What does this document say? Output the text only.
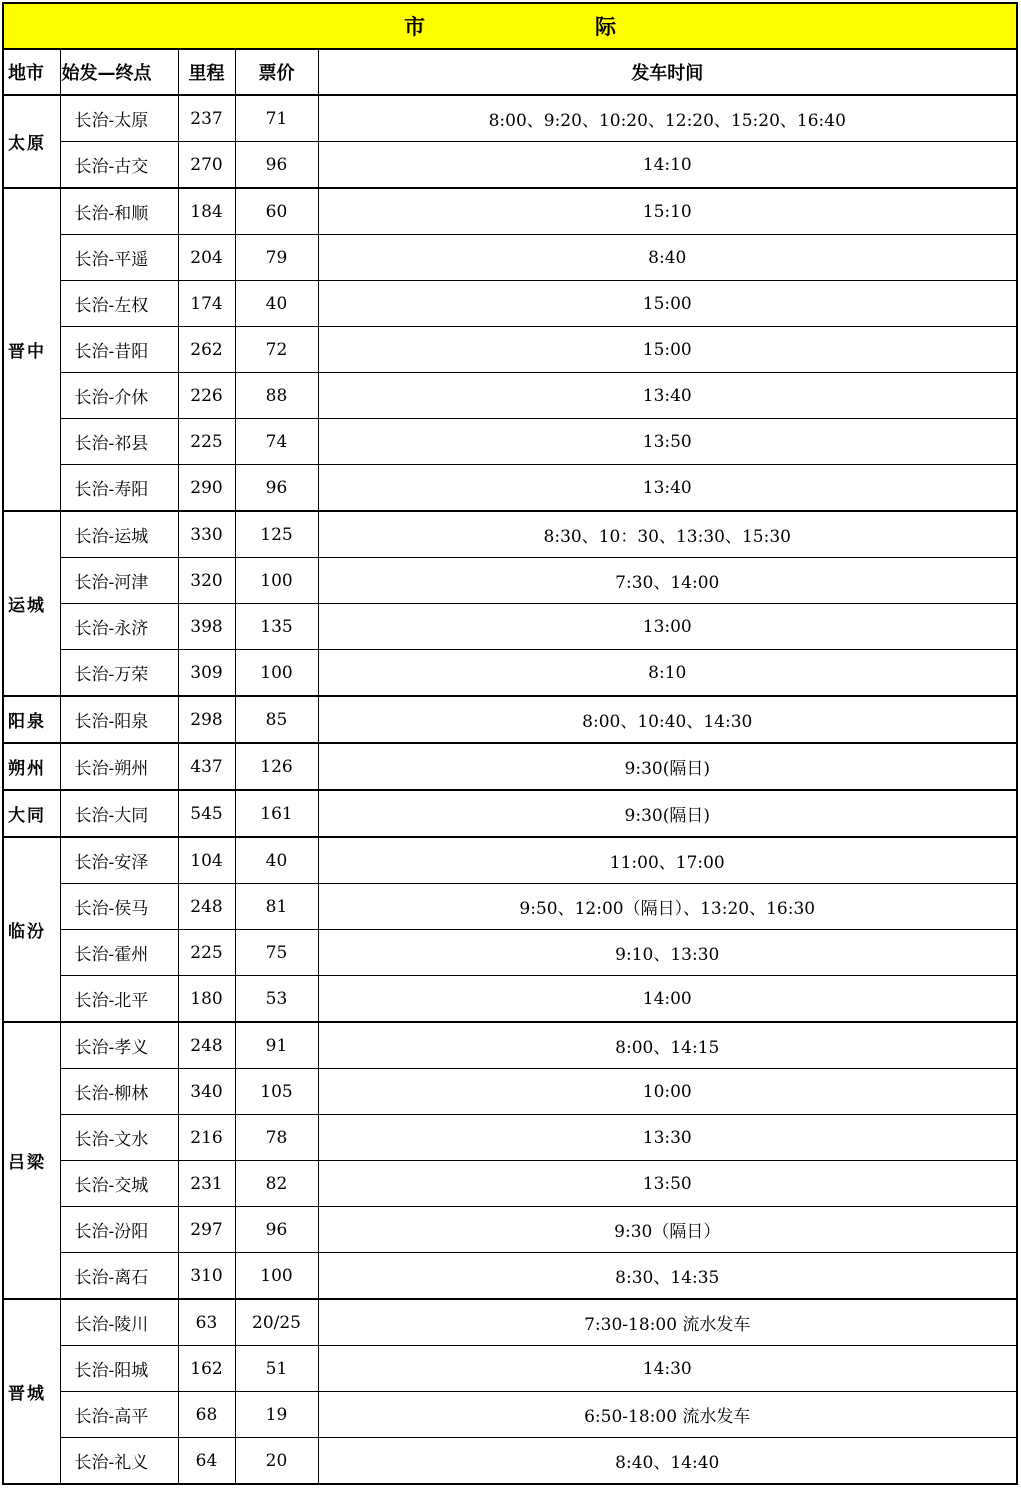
市 际				

地市	始发—终点	里程	票价	发车时间
太原	长治-太原	237	71	8:00、9:20、10:20、12:20、15:20、16:40
	长治-古交	270	96	14:10
晋中	长治-和顺	184	60	15:10
	长治-平遥	204	79	8:40
	长治-左权	174	40	15:00
	长治-昔阳	262	72	15:00
	长治-介休	226	88	13:40
	长治-祁县	225	74	13:50
	长治-寿阳	290	96	13:40
运城	长治-运城	330	125	8:30、10：30、13:30、15:30
	长治-河津	320	100	7:30、14:00
	长治-永济	398	135	13:00
	长治-万荣	309	100	8:10
阳泉	长治-阳泉	298	85	8:00、10:40、14:30
朔州	长治-朔州	437	126	9:30(隔日)
大同	长治-大同	545	161	9:30(隔日)
临汾	长治-安泽	104	40	11:00、17:00
	长治-侯马	248	81	9:50、12:00（隔日）、13:20、16:30
	长治-霍州	225	75	9:10、13:30
	长治-北平	180	53	14:00
吕梁	长治-孝义	248	91	8:00、14:15
	长治-柳林	340	105	10:00
	长治-文水	216	78	13:30
	长治-交城	231	82	13:50
	长治-汾阳	297	96	9:30（隔日）
	长治-离石	310	100	8:30、14:35
晋城	长治-陵川	63	20/25	7:30-18:00 流水发车
	长治-阳城	162	51	14:30
	长治-高平	68	19	6:50-18:00 流水发车
	长治-礼义	64	20	8:40、14:40
